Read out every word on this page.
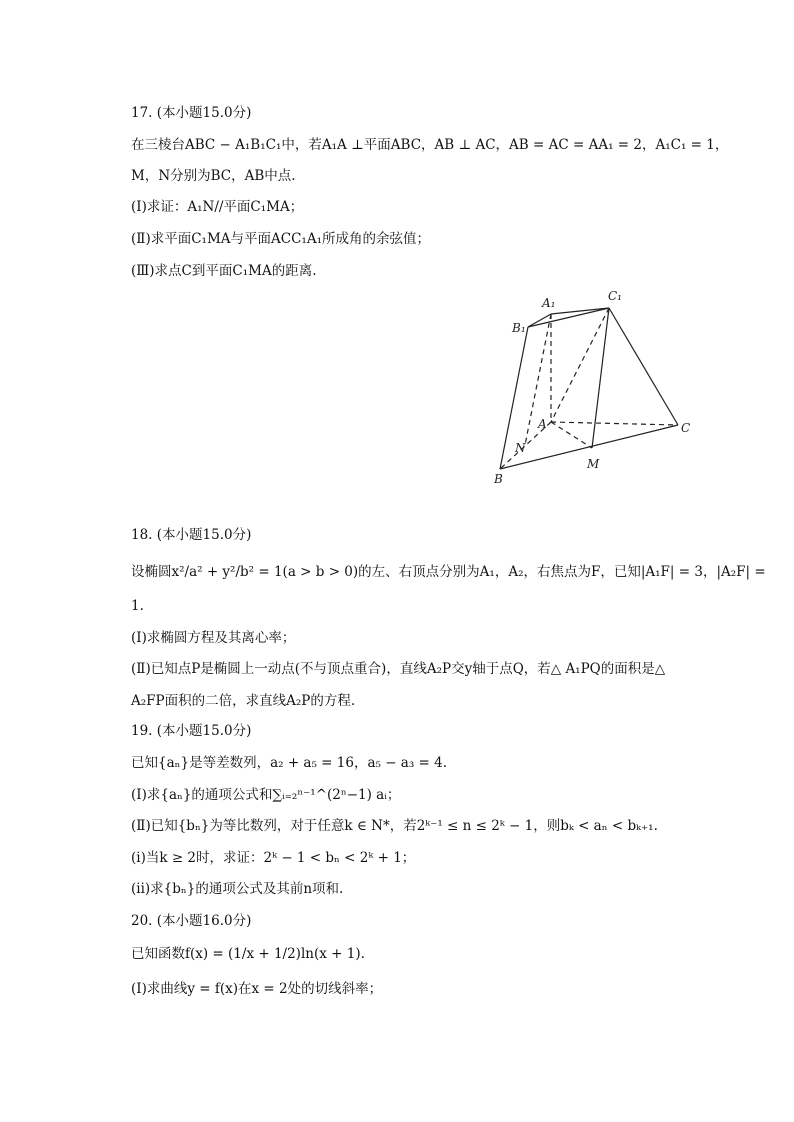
17. (本小题15.0分)
在三棱台ABC − A₁B₁C₁中，若A₁A ⊥平面ABC，AB ⊥ AC，AB = AC = AA₁ = 2，A₁C₁ = 1，
M，N分别为BC，AB中点.
(Ⅰ)求证：A₁N//平面C₁MA；
(Ⅱ)求平面C₁MA与平面ACC₁A₁所成角的余弦值；
(Ⅲ)求点C到平面C₁MA的距离.
A₁	C₁
B₁
A	C
N
M
B
18. (本小题15.0分)
设椭圆x²/a² + y²/b² = 1(a > b > 0)的左、右顶点分别为A₁，A₂，右焦点为F，已知|A₁F| = 3，|A₂F| =
1.
(Ⅰ)求椭圆方程及其离心率；
(Ⅱ)已知点P是椭圆上一动点(不与顶点重合)，直线A₂P交y轴于点Q，若△ A₁PQ的面积是△
A₂FP面积的二倍，求直线A₂P的方程.
19. (本小题15.0分)
已知{aₙ}是等差数列，a₂ + a₅ = 16，a₅ − a₃ = 4.
(Ⅰ)求{aₙ}的通项公式和∑ᵢ₌₂ⁿ⁻¹^(2ⁿ−1) aᵢ；
(Ⅱ)已知{bₙ}为等比数列，对于任意k ∈ N*，若2ᵏ⁻¹ ≤ n ≤ 2ᵏ − 1，则bₖ < aₙ < bₖ₊₁.
(i)当k ≥ 2时，求证：2ᵏ − 1 < bₙ < 2ᵏ + 1；
(ii)求{bₙ}的通项公式及其前n项和.
20. (本小题16.0分)
已知函数f(x) = (1/x + 1/2)ln(x + 1).
(Ⅰ)求曲线y = f(x)在x = 2处的切线斜率；
